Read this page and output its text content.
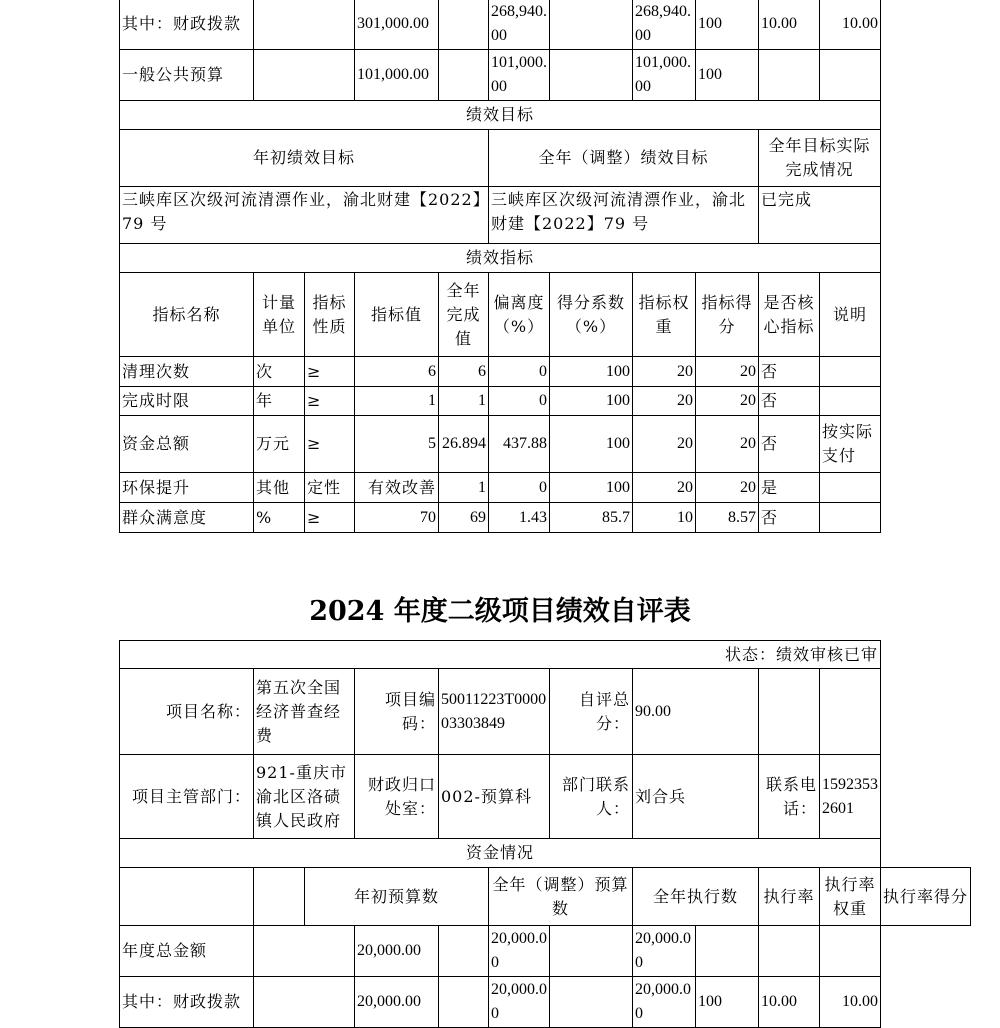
其中：财政拨款			301,000.00		268,940.00		268,940.00	100	10.00	10.00
一般公共预算			101,000.00		101,000.00		101,000.00	100		
绩效目标										
年初绩效目标					全年（调整）绩效目标				全年目标实际完成情况	
三峡库区次级河流清漂作业，渝北财建【2022】79 号					三峡库区次级河流清漂作业，渝北财建【2022】79 号				已完成	
绩效指标										
指标名称	计量单位	指标性质	指标值	全年完成值	偏离度（%）	得分系数（%）	指标权重	指标得分	是否核心指标	说明
清理次数	次	≥	6	6	0	100	20	20	否	
完成时限	年	≥	1	1	0	100	20	20	否	
资金总额	万元	≥	5	26.894	437.88	100	20	20	否	按实际支付
环保提升	其他	定性	有效改善	1	0	100	20	20	是	
群众满意度	%	≥	70	69	1.43	85.7	10	8.57	否	
2024 年度二级项目绩效自评表
状态：绩效审核已审											
项目名称：	第五次全国经济普查经费		项目编码：	50011223T000003303849		自评总分：	90.00				
项目主管部门：	921-重庆市渝北区洛碛镇人民政府		财政归口处室：	002-预算科		部门联系人：	刘合兵		联系电话：	15923532601	
资金情况											
		年初预算数			全年（调整）预算数		全年执行数		执行率	执行率权重	执行率得分
年度总金额			20,000.00		20,000.00		20,000.00				
其中：财政拨款			20,000.00		20,000.00		20,000.00	100	10.00	10.00	
